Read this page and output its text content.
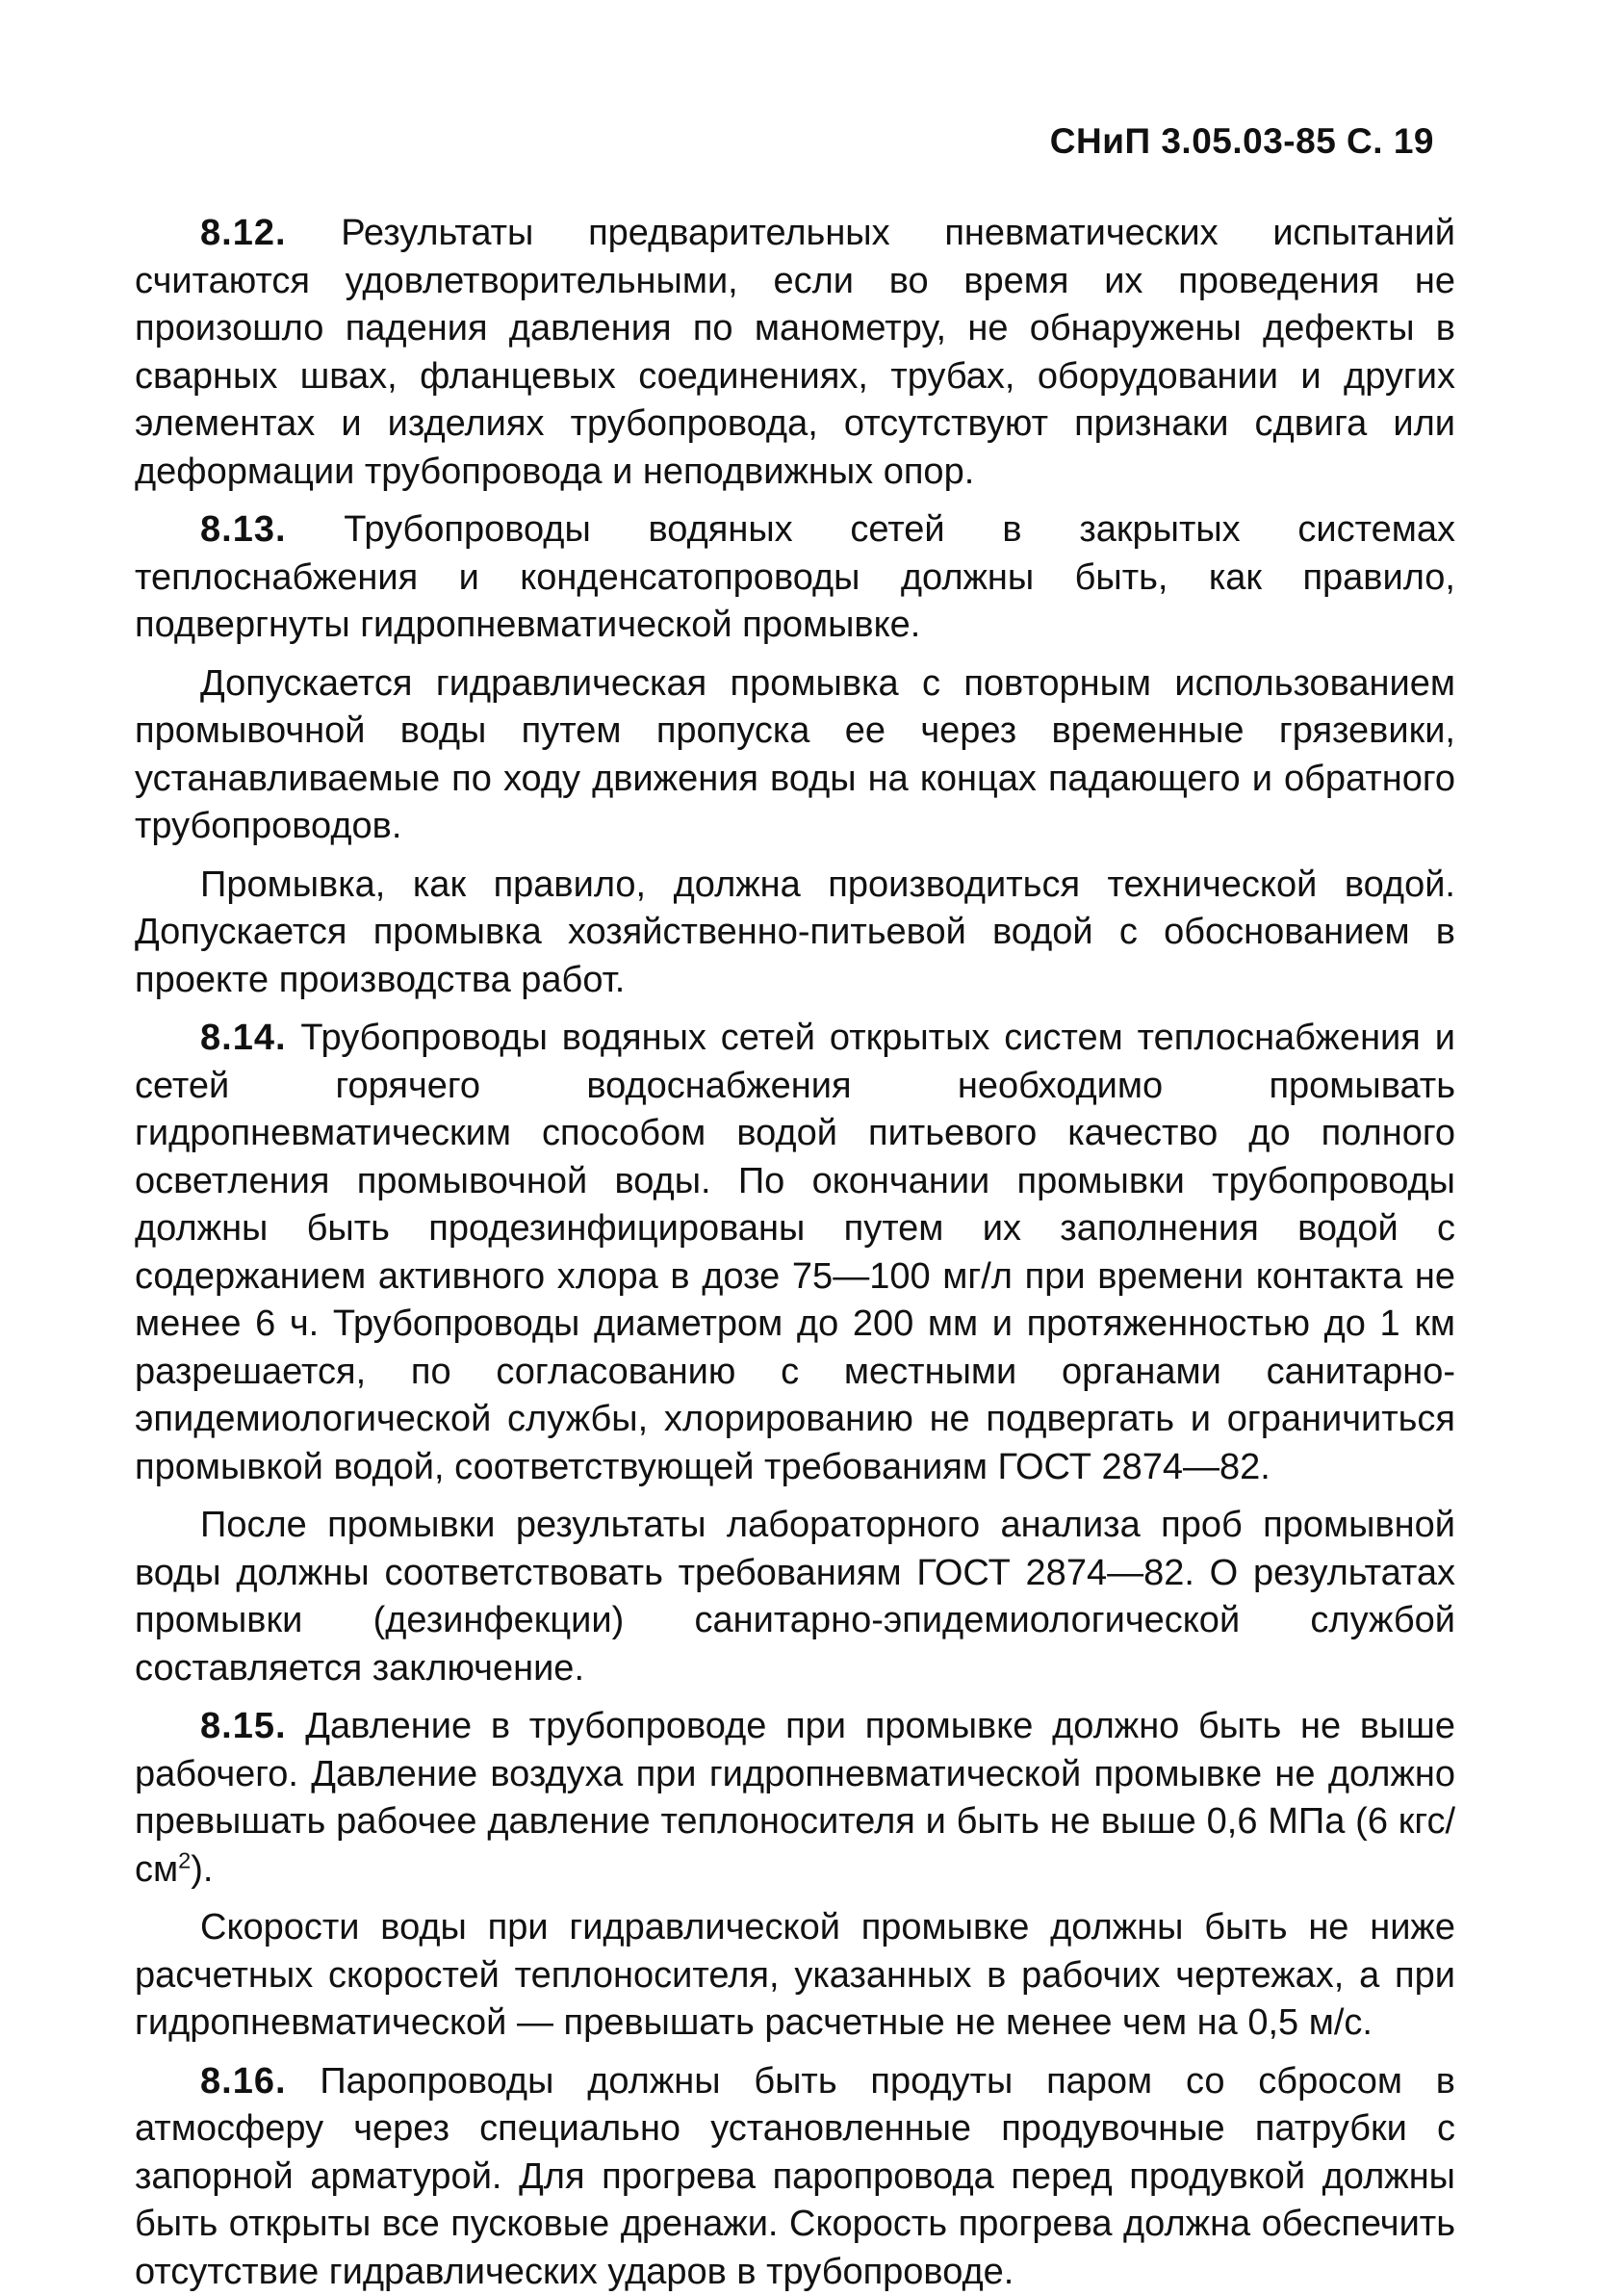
СНиП 3.05.03-85 С. 19

8.12. Результаты предварительных пневматических испытаний считаются удовлетворительными, если во время их проведения не произошло падения давления по манометру, не обнаружены дефекты в сварных швах, фланцевых соединениях, трубах, оборудовании и других элементах и изделиях трубопровода, отсутствуют признаки сдвига или деформации трубопровода и неподвижных опор.

8.13. Трубопроводы водяных сетей в закрытых системах теплоснабжения и конденсатопроводы должны быть, как правило, подвергнуты гидропневматической промывке.

Допускается гидравлическая промывка с повторным использованием промывочной воды путем пропуска ее через временные грязевики, устанавливаемые по ходу движения воды на концах падающего и обратного трубопроводов.

Промывка, как правило, должна производиться технической водой. Допускается промывка хозяйственно-питьевой водой с обоснованием в проекте производства работ.

8.14. Трубопроводы водяных сетей открытых систем теплоснабжения и сетей горячего водоснабжения необходимо промывать гидропневматическим способом водой питьевого качество до полного осветления промывочной воды. По окончании промывки трубопроводы должны быть продезинфицированы путем их заполнения водой с содержанием активного хлора в дозе 75—100 мг/л при времени контакта не менее 6 ч. Трубопроводы диаметром до 200 мм и протяженностью до 1 км разрешается, по согласованию с местными органами санитарно-эпидемиологической службы, хлорированию не подвергать и ограничиться промывкой водой, соответствующей требованиям ГОСТ 2874—82.

После промывки результаты лабораторного анализа проб промывной воды должны соответствовать требованиям ГОСТ 2874—82. О результатах промывки (дезинфекции) санитарно-эпидемиологической службой составляется заключение.

8.15. Давление в трубопроводе при промывке должно быть не выше рабочего. Давление воздуха при гидропневматической промывке не должно превышать рабочее давление теплоносителя и быть не выше 0,6 МПа (6 кгс/$см^2$).

Скорости воды при гидравлической промывке должны быть не ниже расчетных скоростей теплоносителя, указанных в рабочих чертежах, а при гидропневматической — превышать расчетные не менее чем на 0,5 м/с.

8.16. Паропроводы должны быть продуты паром со сбросом в атмосферу через специально установленные продувочные патрубки с запорной арматурой. Для прогрева паропровода перед продувкой должны быть открыты все пусковые дренажи. Скорость прогрева должна обеспечить отсутствие гидравлических ударов в трубопроводе.
